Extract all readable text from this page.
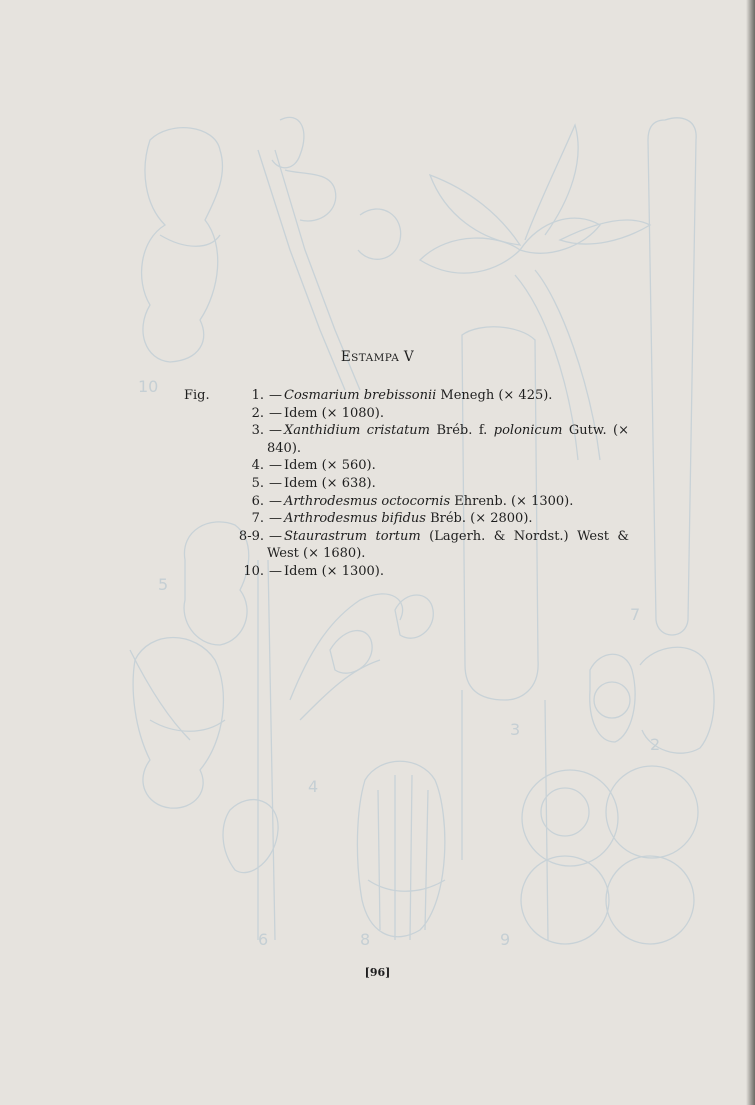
10
5
6	8	9
7
3
4
2
ESTAMPA V
Fig.	1. — Cosmarium brebissonii Menegh (× 425).
2. — Idem (× 1080).
3. — Xanthidium cristatum Bréb. f. polonicum Gutw. (× 840).
4. — Idem (× 560).
5. — Idem (× 638).
6. — Arthrodesmus octocornis Ehrenb. (× 1300).
7. — Arthrodesmus bifidus Bréb. (× 2800).
8-9. — Staurastrum tortum (Lagerh. & Nordst.) West & West (× 1680).
10. — Idem (× 1300).
[96]
